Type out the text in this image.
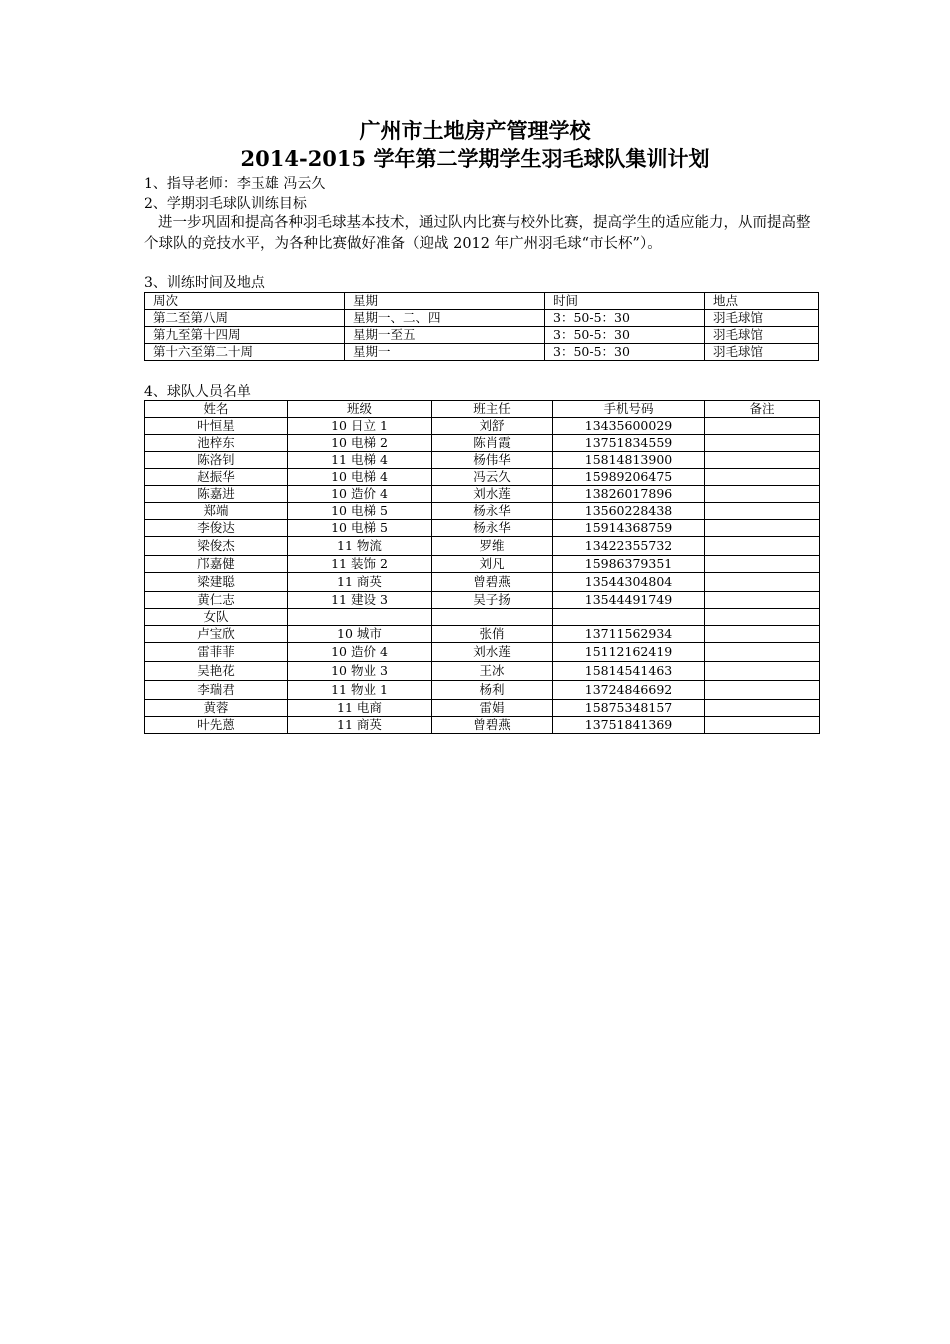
广州市土地房产管理学校
2014-2015 学年第二学期学生羽毛球队集训计划
1、指导老师：李玉雄 冯云久
2、学期羽毛球队训练目标
进一步巩固和提高各种羽毛球基本技术，通过队内比赛与校外比赛，提高学生的适应能力，从而提高整个球队的竞技水平，为各种比赛做好准备（迎战 2012 年广州羽毛球“市长杯”）。
3、训练时间及地点
周次	星期	时间	地点
第二至第八周	星期一、二、四	3：50-5：30	羽毛球馆
第九至第十四周	星期一至五	3：50-5：30	羽毛球馆
第十六至第二十周	星期一	3：50-5：30	羽毛球馆
4、球队人员名单
姓名	班级	班主任	手机号码	备注
叶恒星	10 日立 1	刘舒	13435600029	
池梓东	10 电梯 2	陈肖霞	13751834559	
陈洛钊	11 电梯 4	杨伟华	15814813900	
赵振华	10 电梯 4	冯云久	15989206475	
陈嘉进	10 造价 4	刘水莲	13826017896	
郑端	10 电梯 5	杨永华	13560228438	
李俊达	10 电梯 5	杨永华	15914368759	
梁俊杰	11 物流	罗维	13422355732	
邝嘉健	11 装饰 2	刘凡	15986379351	
梁建聪	11 商英	曾碧燕	13544304804	
黄仁志	11 建设 3	吴子扬	13544491749	
女队				
卢宝欣	10 城市	张俏	13711562934	
雷菲菲	10 造价 4	刘水莲	15112162419	
吴艳花	10 物业 3	王冰	15814541463	
李瑞君	11 物业 1	杨利	13724846692	
黄蓉	11 电商	雷娟	15875348157	
叶先蒽	11 商英	曾碧燕	13751841369	
